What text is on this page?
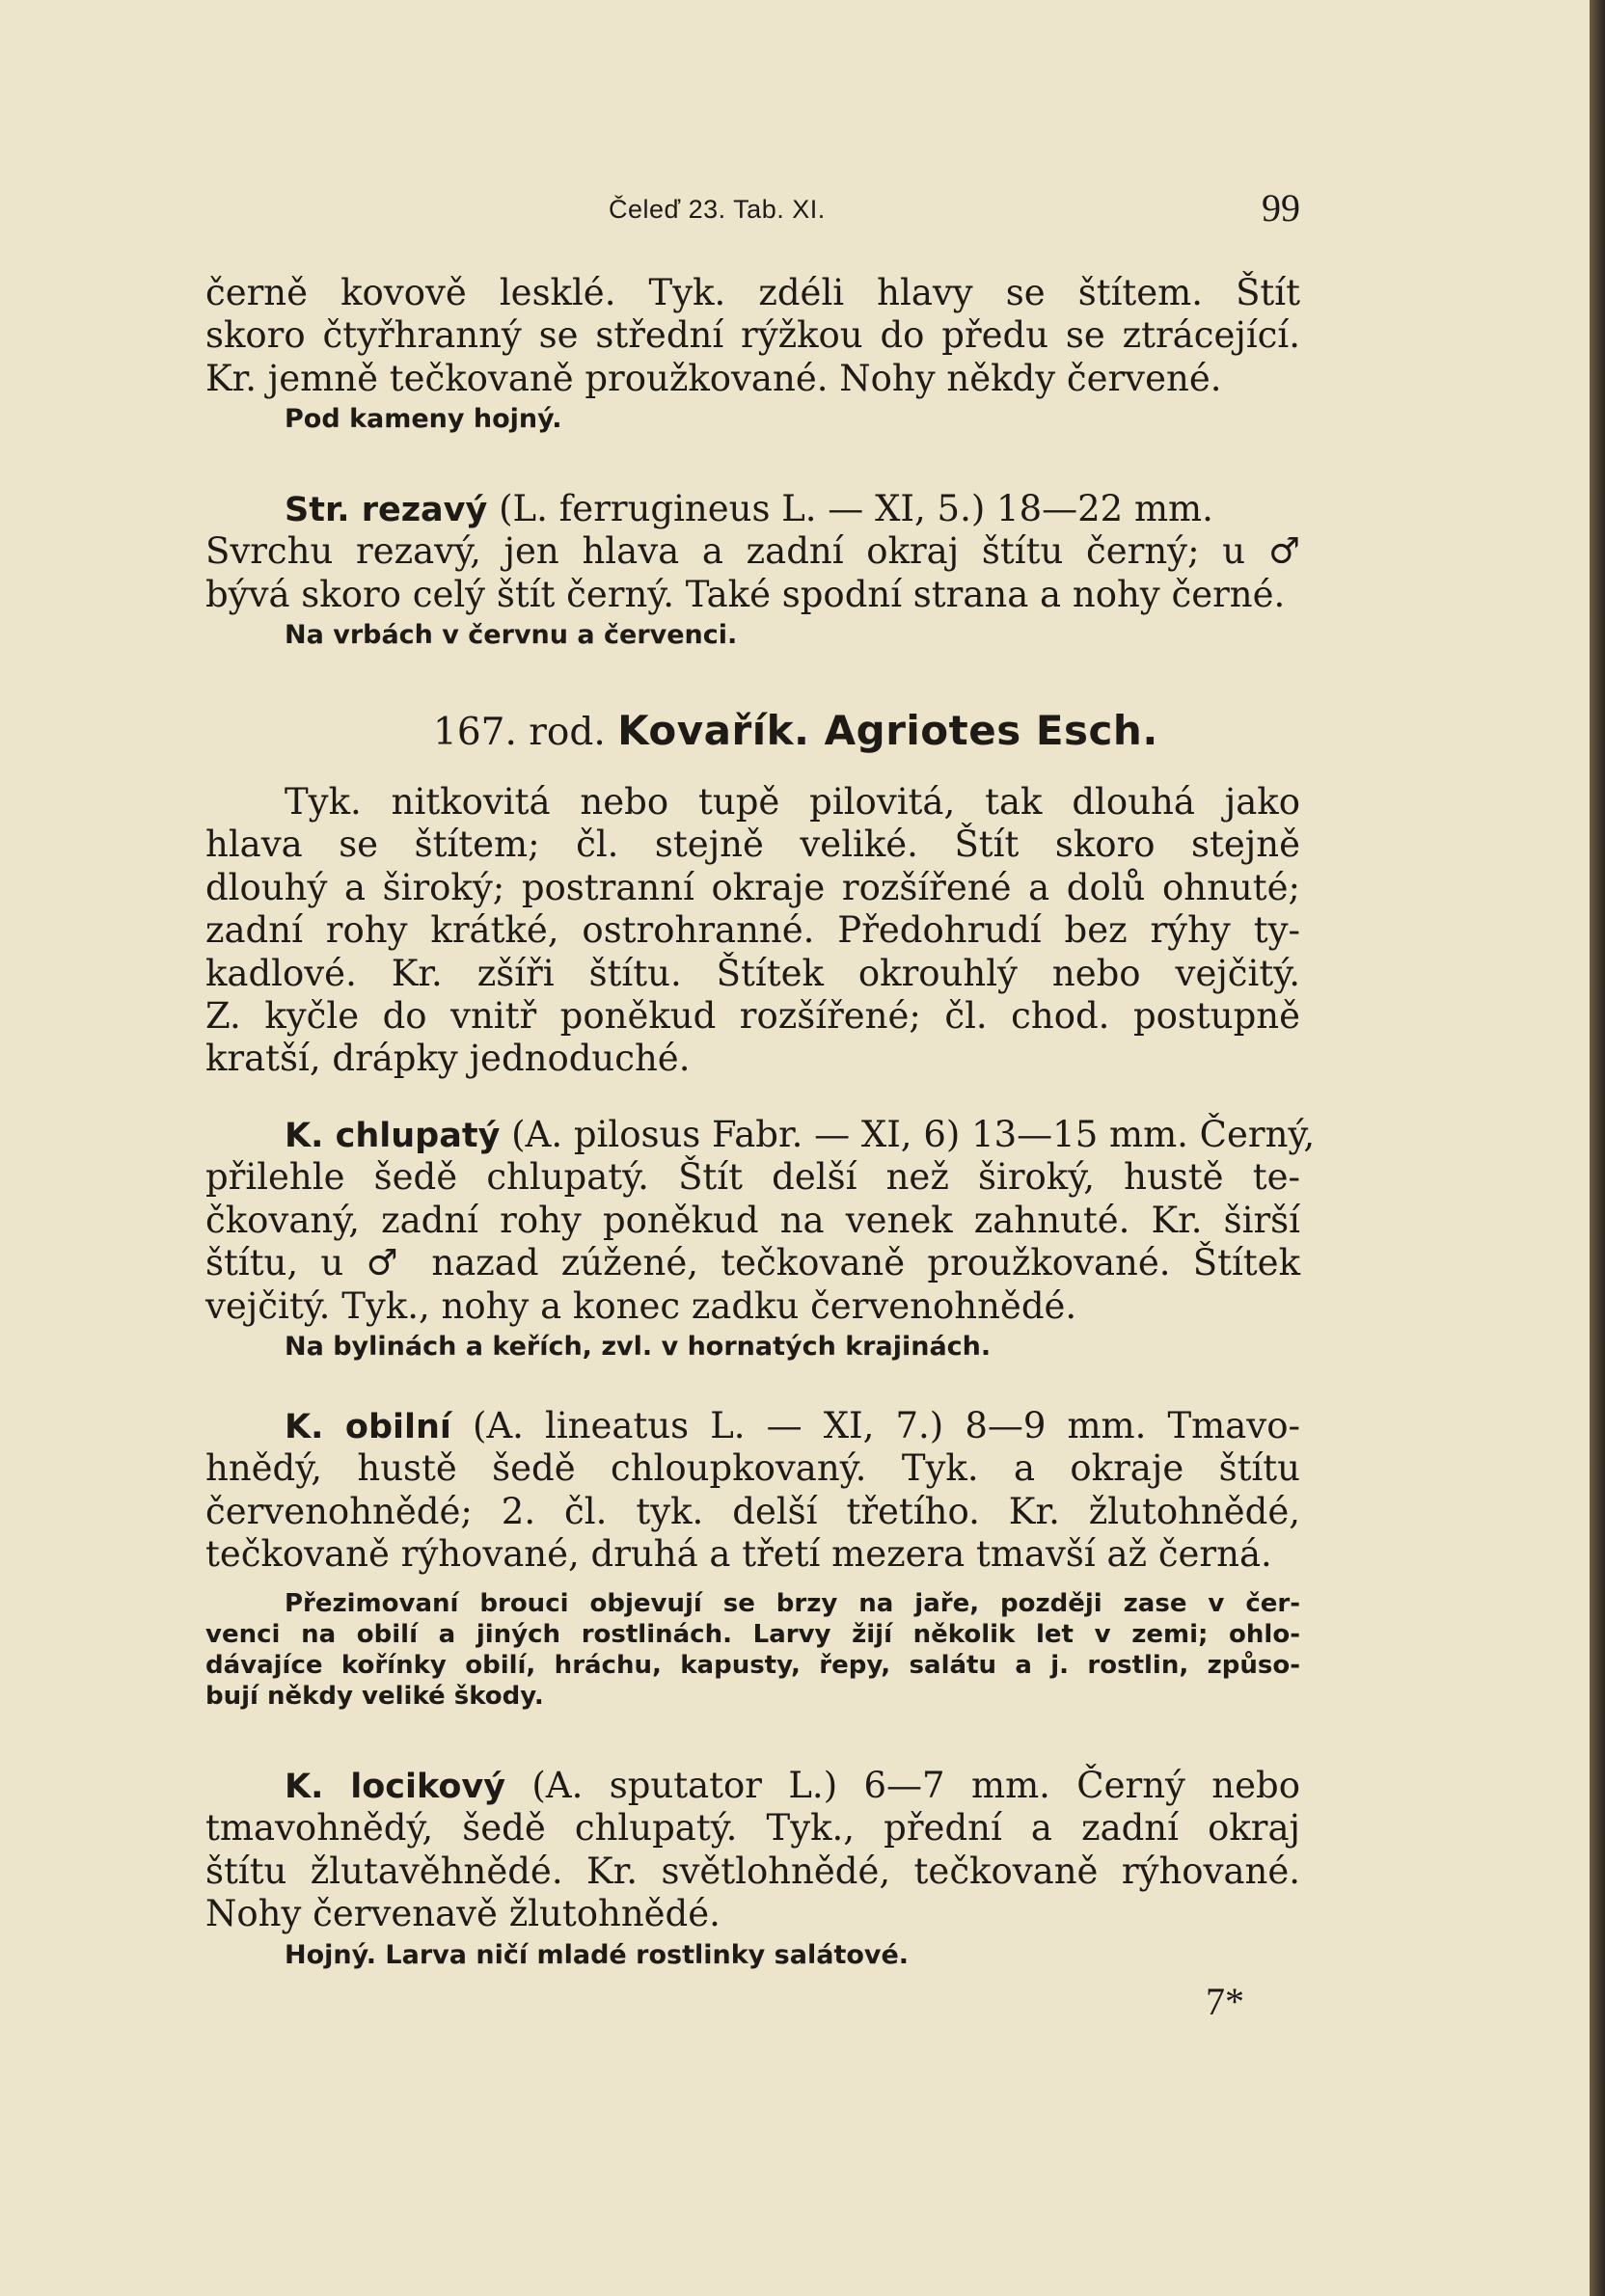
Čeleď 23. Tab. XI.	99
černě kovově lesklé. Tyk. zdéli hlavy se štítem. Štít
skoro čtyřhranný se střední rýžkou do předu se ztrácející.
Kr. jemně tečkovaně proužkované. Nohy někdy červené.
Pod kameny hojný.
Str. rezavý (L. ferrugineus L. — XI, 5.) 18—22 mm.
Svrchu rezavý, jen hlava a zadní okraj štítu černý; u ♂
bývá skoro celý štít černý. Také spodní strana a nohy černé.
Na vrbách v červnu a červenci.
167. rod. Kovařík. Agriotes Esch.
Tyk. nitkovitá nebo tupě pilovitá, tak dlouhá jako
hlava se štítem; čl. stejně veliké. Štít skoro stejně
dlouhý a široký; postranní okraje rozšířené a dolů ohnuté;
zadní rohy krátké, ostrohranné. Předohrudí bez rýhy ty-
kadlové. Kr. zšíři štítu. Štítek okrouhlý nebo vejčitý.
Z. kyčle do vnitř poněkud rozšířené; čl. chod. postupně
kratší, drápky jednoduché.
K. chlupatý (A. pilosus Fabr. — XI, 6) 13—15 mm. Černý,
přilehle šedě chlupatý. Štít delší než široký, hustě te-
čkovaný, zadní rohy poněkud na venek zahnuté. Kr. širší
štítu, u ♂ nazad zúžené, tečkovaně proužkované. Štítek
vejčitý. Tyk., nohy a konec zadku červenohnědé.
Na bylinách a keřích, zvl. v hornatých krajinách.
K. obilní (A. lineatus L. — XI, 7.) 8—9 mm. Tmavo-
hnědý, hustě šedě chloupkovaný. Tyk. a okraje štítu
červenohnědé; 2. čl. tyk. delší třetího. Kr. žlutohnědé,
tečkovaně rýhované, druhá a třetí mezera tmavší až černá.
Přezimovaní brouci objevují se brzy na jaře, později zase v čer-
venci na obilí a jiných rostlinách. Larvy žijí několik let v zemi; ohlo-
dávajíce kořínky obilí, hráchu, kapusty, řepy, salátu a j. rostlin, způso-
bují někdy veliké škody.
K. locikový (A. sputator L.) 6—7 mm. Černý nebo
tmavohnědý, šedě chlupatý. Tyk., přední a zadní okraj
štítu žlutavěhnědé. Kr. světlohnědé, tečkovaně rýhované.
Nohy červenavě žlutohnědé.
Hojný. Larva ničí mladé rostlinky salátové.
7*
